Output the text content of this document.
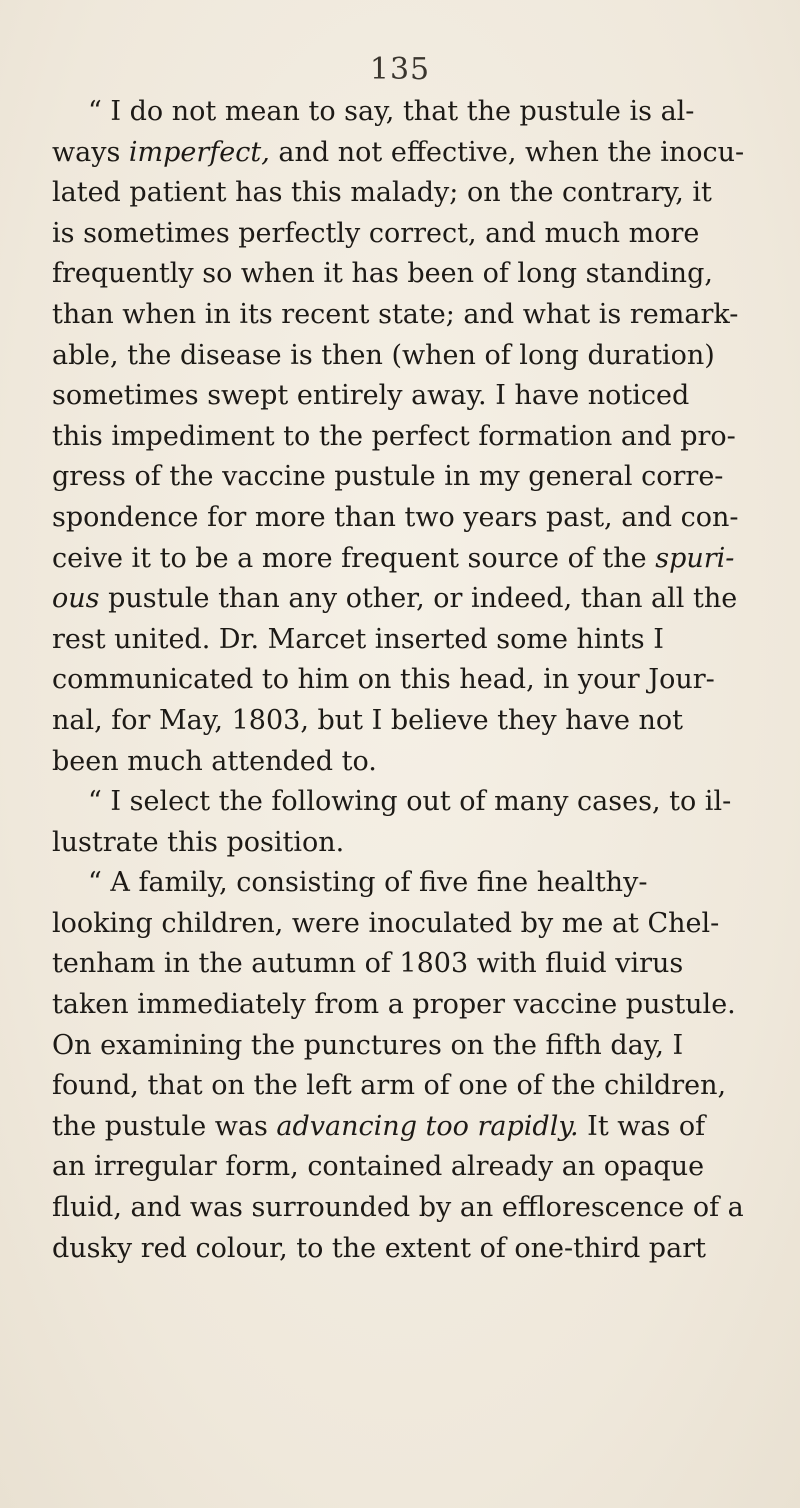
135
“ I do not mean to say, that the pustule is al-
ways imperfect, and not effective, when the inocu-
lated patient has this malady; on the contrary, it
is sometimes perfectly correct, and much more
frequently so when it has been of long standing,
than when in its recent state; and what is remark-
able, the disease is then (when of long duration)
sometimes swept entirely away. I have noticed
this impediment to the perfect formation and pro-
gress of the vaccine pustule in my general corre-
spondence for more than two years past, and con-
ceive it to be a more frequent source of the spuri-
ous pustule than any other, or indeed, than all the
rest united. Dr. Marcet inserted some hints I
communicated to him on this head, in your Jour-
nal, for May, 1803, but I believe they have not
been much attended to.
“ I select the following out of many cases, to il-
lustrate this position.
“ A family, consisting of five fine healthy-
looking children, were inoculated by me at Chel-
tenham in the autumn of 1803 with fluid virus
taken immediately from a proper vaccine pustule.
On examining the punctures on the fifth day, I
found, that on the left arm of one of the children,
the pustule was advancing too rapidly. It was of
an irregular form, contained already an opaque
fluid, and was surrounded by an efflorescence of a
dusky red colour, to the extent of one-third part
